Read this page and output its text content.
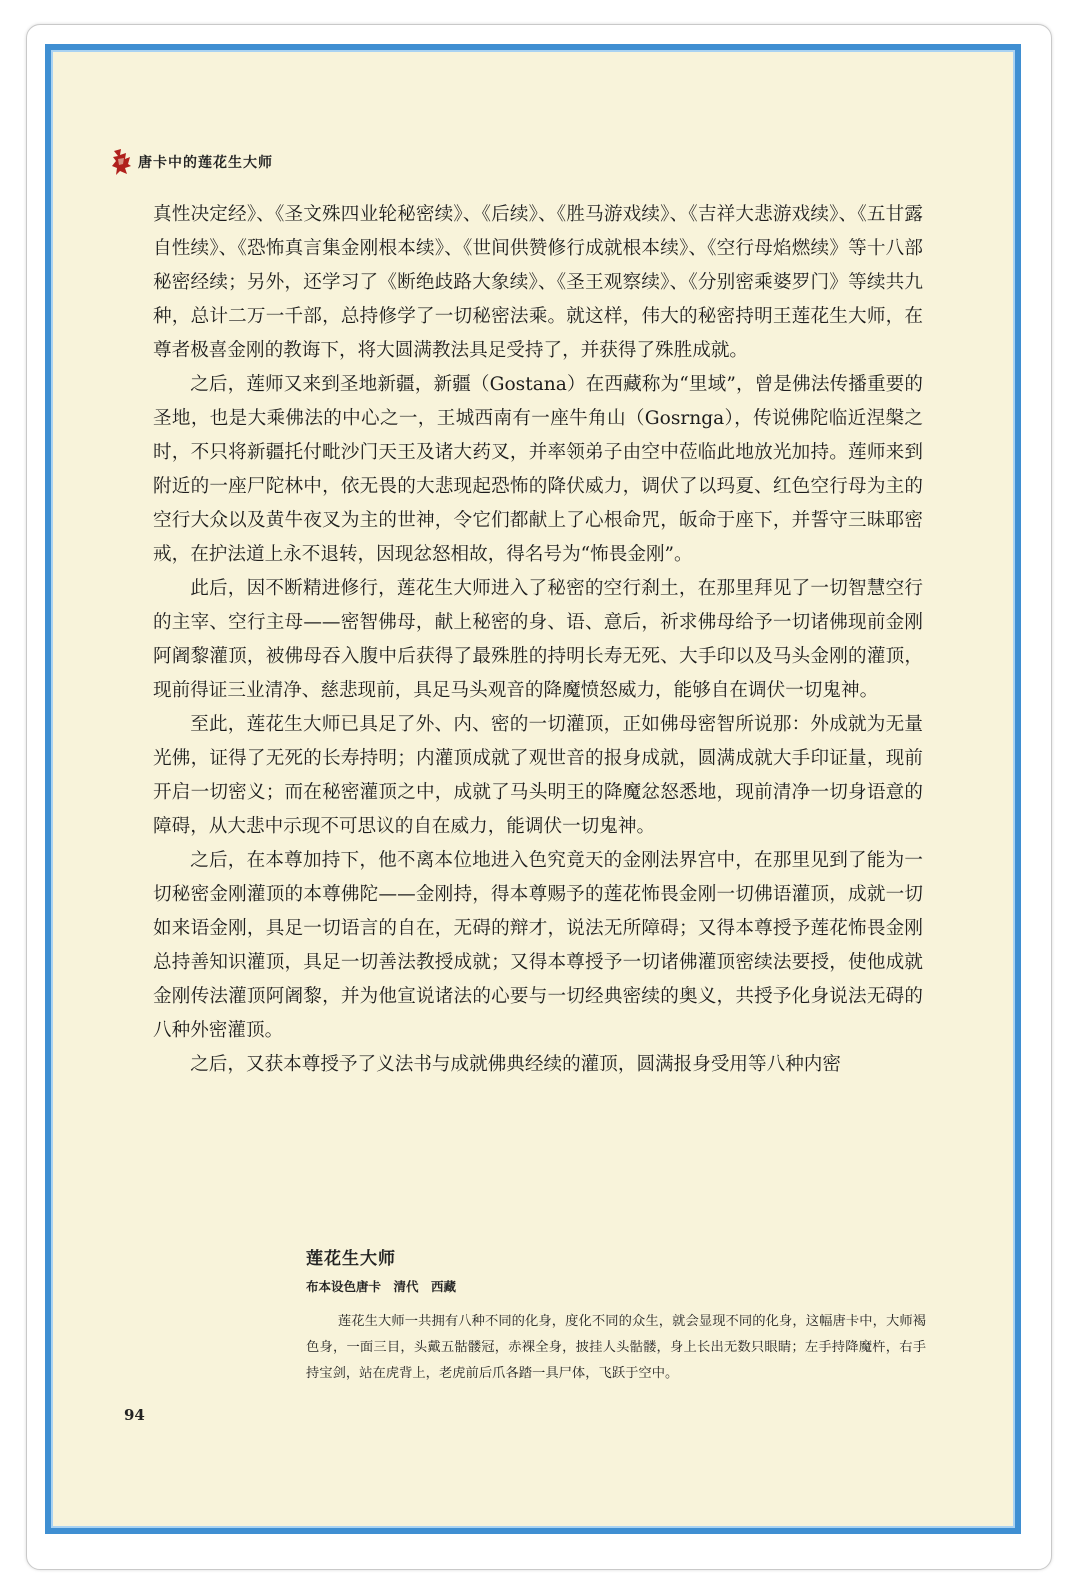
唐卡中的莲花生大师

真性决定经》、《圣文殊四业轮秘密续》、《后续》、《胜马游戏续》、《吉祥大悲游戏续》、《五甘露自性续》、《恐怖真言集金刚根本续》、《世间供赞修行成就根本续》、《空行母焰燃续》等十八部秘密经续；另外，还学习了《断绝歧路大象续》、《圣王观察续》、《分别密乘婆罗门》等续共九种，总计二万一千部，总持修学了一切秘密法乘。就这样，伟大的秘密持明王莲花生大师，在尊者极喜金刚的教诲下，将大圆满教法具足受持了，并获得了殊胜成就。

之后，莲师又来到圣地新疆，新疆（Gostana）在西藏称为“里域”，曾是佛法传播重要的圣地，也是大乘佛法的中心之一，王城西南有一座牛角山（Gosrnga），传说佛陀临近涅槃之时，不只将新疆托付毗沙门天王及诸大药叉，并率领弟子由空中莅临此地放光加持。莲师来到附近的一座尸陀林中，依无畏的大悲现起恐怖的降伏威力，调伏了以玛夏、红色空行母为主的空行大众以及黄牛夜叉为主的世神，令它们都献上了心根命咒，皈命于座下，并誓守三昧耶密戒，在护法道上永不退转，因现忿怒相故，得名号为“怖畏金刚”。

此后，因不断精进修行，莲花生大师进入了秘密的空行刹土，在那里拜见了一切智慧空行的主宰、空行主母——密智佛母，献上秘密的身、语、意后，祈求佛母给予一切诸佛现前金刚阿阇黎灌顶，被佛母吞入腹中后获得了最殊胜的持明长寿无死、大手印以及马头金刚的灌顶，现前得证三业清净、慈悲现前，具足马头观音的降魔愤怒威力，能够自在调伏一切鬼神。

至此，莲花生大师已具足了外、内、密的一切灌顶，正如佛母密智所说那：外成就为无量光佛，证得了无死的长寿持明；内灌顶成就了观世音的报身成就，圆满成就大手印证量，现前开启一切密义；而在秘密灌顶之中，成就了马头明王的降魔忿怒悉地，现前清净一切身语意的障碍，从大悲中示现不可思议的自在威力，能调伏一切鬼神。

之后，在本尊加持下，他不离本位地进入色究竟天的金刚法界宫中，在那里见到了能为一切秘密金刚灌顶的本尊佛陀——金刚持，得本尊赐予的莲花怖畏金刚一切佛语灌顶，成就一切如来语金刚，具足一切语言的自在，无碍的辩才，说法无所障碍；又得本尊授予莲花怖畏金刚总持善知识灌顶，具足一切善法教授成就；又得本尊授予一切诸佛灌顶密续法要授，使他成就金刚传法灌顶阿阇黎，并为他宣说诸法的心要与一切经典密续的奥义，共授予化身说法无碍的八种外密灌顶。

之后，又获本尊授予了义法书与成就佛典经续的灌顶，圆满报身受用等八种内密

莲花生大师
布本设色唐卡　清代　西藏
莲花生大师一共拥有八种不同的化身，度化不同的众生，就会显现不同的化身，这幅唐卡中，大师褐色身，一面三目，头戴五骷髅冠，赤裸全身，披挂人头骷髅，身上长出无数只眼睛；左手持降魔杵，右手持宝剑，站在虎背上，老虎前后爪各踏一具尸体，飞跃于空中。
94
